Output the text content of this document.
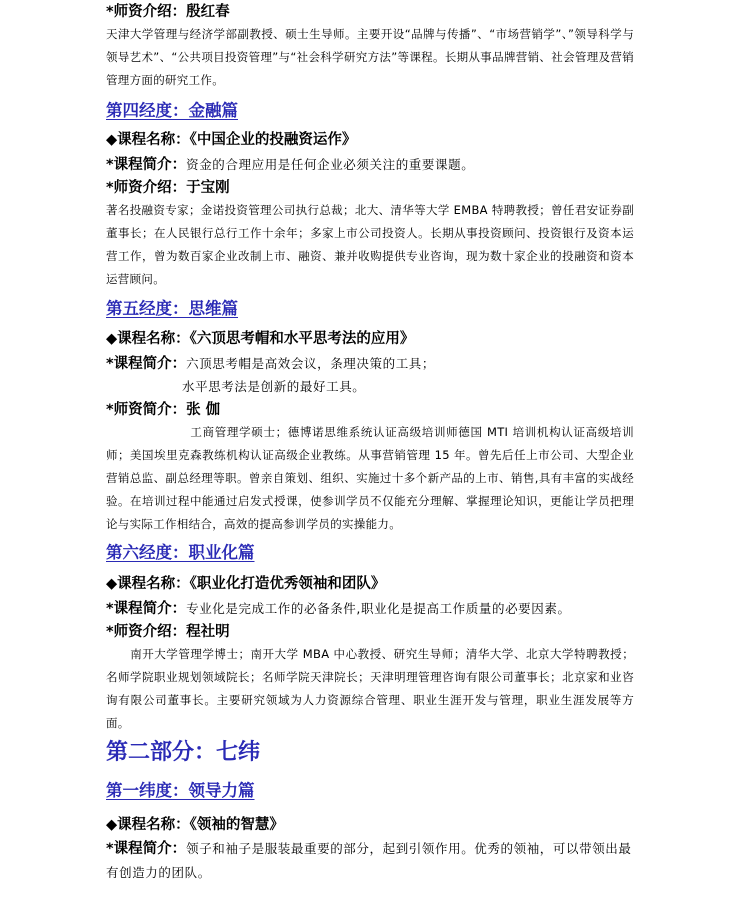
*师资介绍：殷红春
天津大学管理与经济学部副教授、硕士生导师。主要开设“品牌与传播”、“市场营销学”、”领导科学与领导艺术”、“公共项目投资管理”与“社会科学研究方法”等课程。长期从事品牌营销、社会管理及营销管理方面的研究工作。
第四经度：金融篇
◆课程名称：《中国企业的投融资运作》
*课程简介：资金的合理应用是任何企业必须关注的重要课题。
*师资介绍：于宝刚
著名投融资专家；金诺投资管理公司执行总裁；北大、清华等大学 EMBA 特聘教授；曾任君安证券副董事长；在人民银行总行工作十余年；多家上市公司投资人。长期从事投资顾问、投资银行及资本运营工作，曾为数百家企业改制上市、融资、兼并收购提供专业咨询，现为数十家企业的投融资和资本运营顾问。
第五经度：思维篇
◆课程名称：《六顶思考帽和水平思考法的应用》
*课程简介：六顶思考帽是高效会议，条理决策的工具；
水平思考法是创新的最好工具。
*师资简介：张 伽
工商管理学硕士；德博诺思维系统认证高级培训师德国 MTI 培训机构认证高级培训师；美国埃里克森教练机构认证高级企业教练。从事营销管理 15 年。曾先后任上市公司、大型企业营销总监、副总经理等职。曾亲自策划、组织、实施过十多个新产品的上市、销售,具有丰富的实战经验。在培训过程中能通过启发式授课，使参训学员不仅能充分理解、掌握理论知识，更能让学员把理论与实际工作相结合，高效的提高参训学员的实操能力。
第六经度：职业化篇
◆课程名称：《职业化打造优秀领袖和团队》
*课程简介：专业化是完成工作的必备条件,职业化是提高工作质量的必要因素。
*师资介绍：程社明
南开大学管理学博士；南开大学 MBA 中心教授、研究生导师；清华大学、北京大学特聘教授；名师学院职业规划领域院长；名师学院天津院长；天津明理管理咨询有限公司董事长；北京家和业咨询有限公司董事长。主要研究领域为人力资源综合管理、职业生涯开发与管理，职业生涯发展等方面。
第二部分：七纬
第一纬度：领导力篇
◆课程名称：《领袖的智慧》
*课程简介：领子和袖子是服装最重要的部分，起到引领作用。优秀的领袖，可以带领出最有创造力的团队。
